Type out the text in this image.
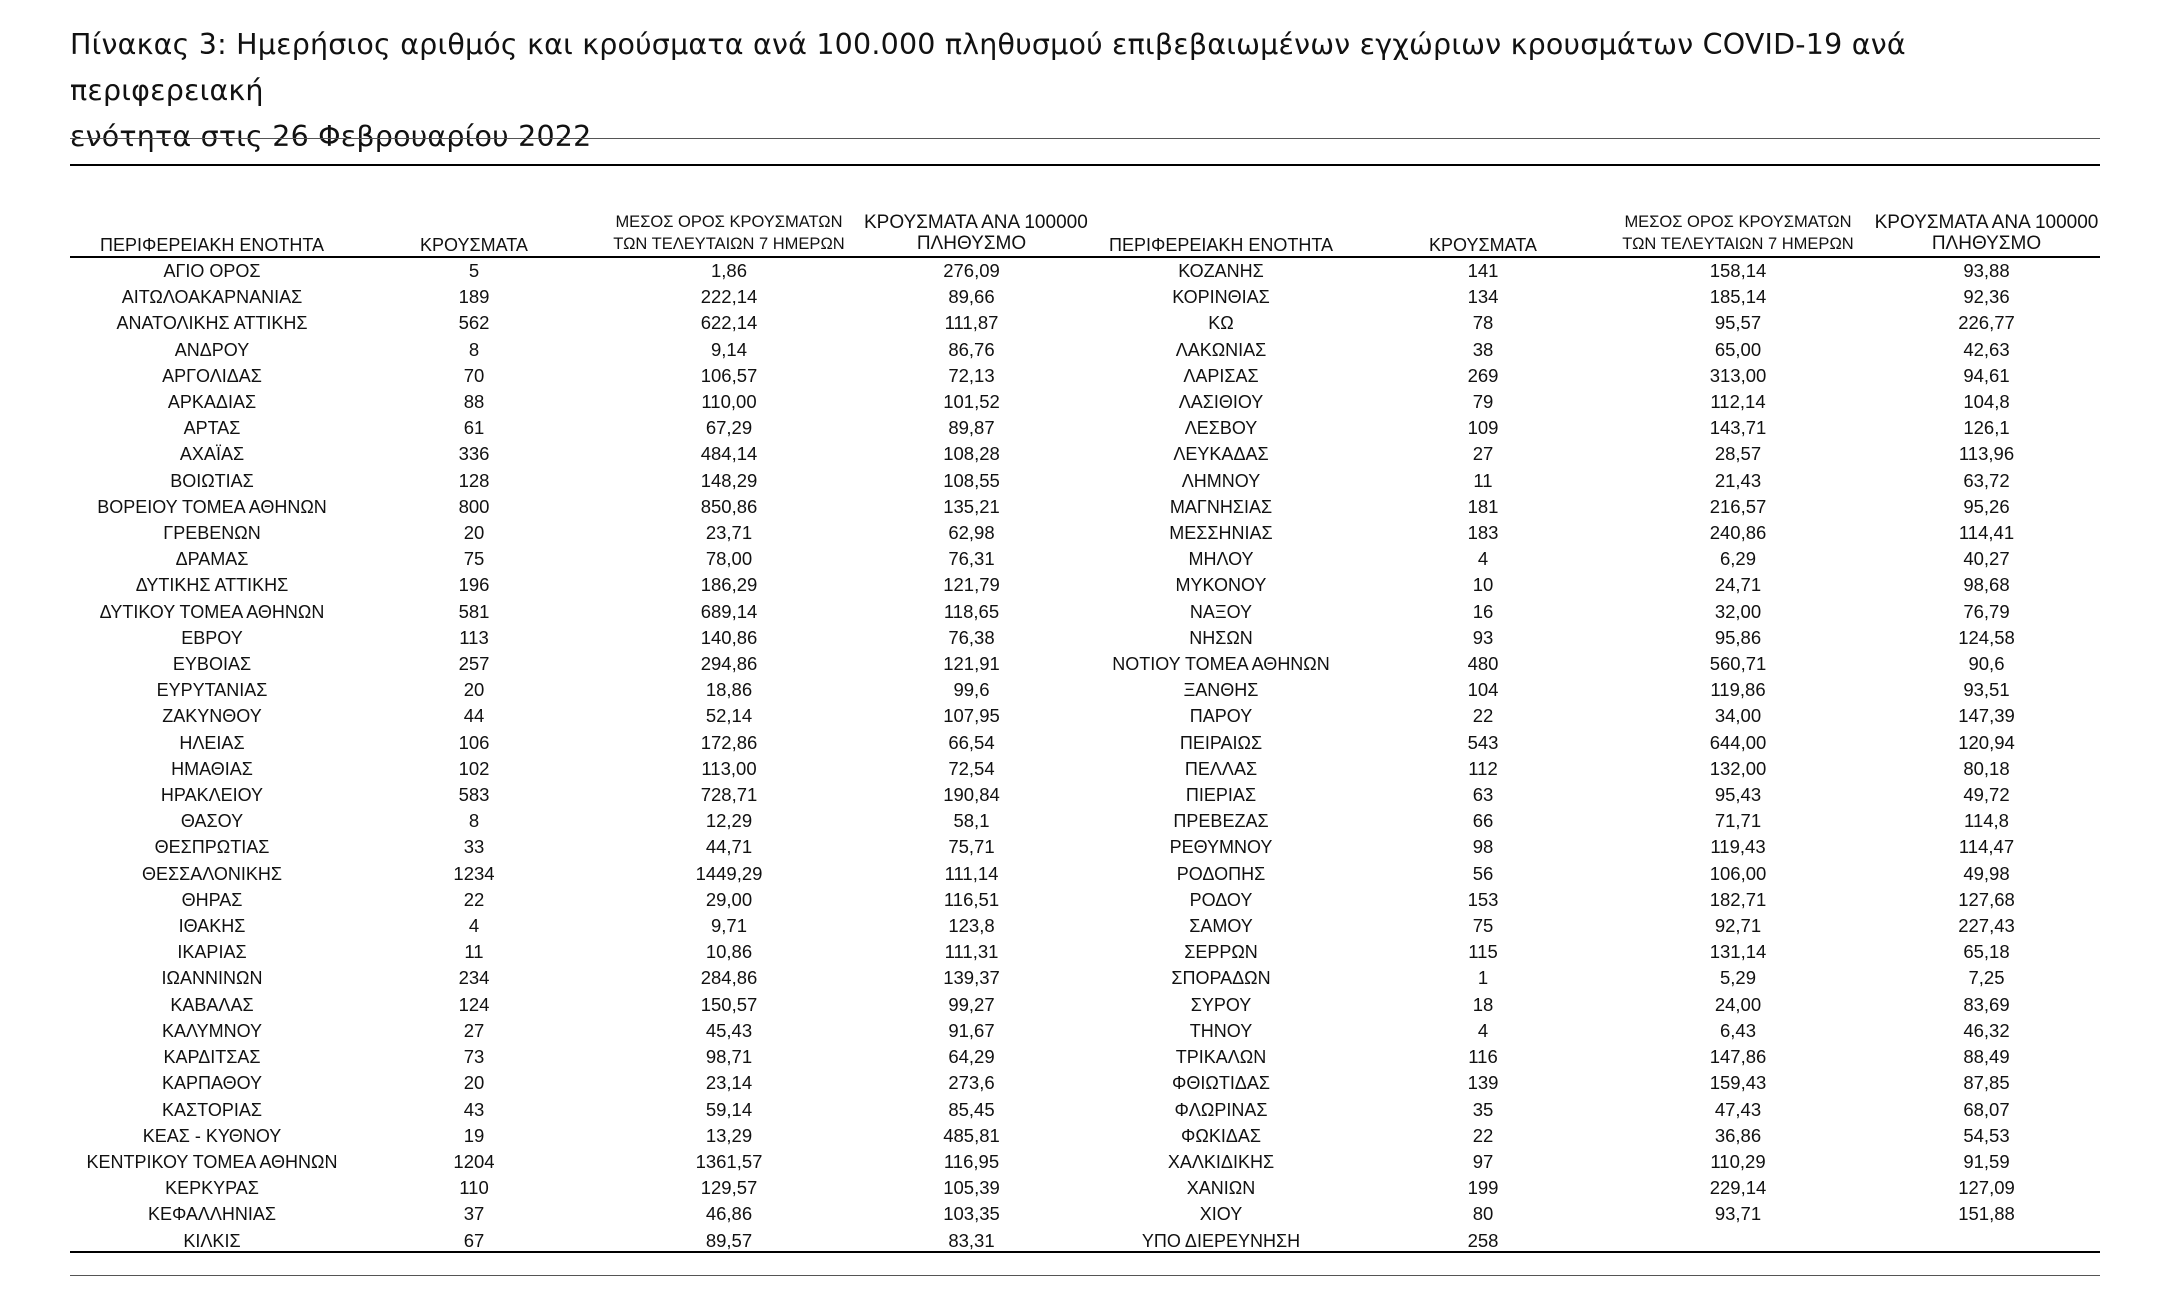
Πίνακας 3: Ημερήσιος αριθμός και κρούσματα ανά 100.000 πληθυσμού επιβεβαιωμένων εγχώριων κρουσμάτων COVID-19 ανά περιφερειακή
ενότητα στις 26 Φεβρουαρίου 2022
ΠΕΡΙΦΕΡΕΙΑΚΗ ΕΝΟΤΗΤΑ	ΚΡΟΥΣΜΑΤΑ
ΜΕΣΟΣ ΟΡΟΣ ΚΡΟΥΣΜΑΤΩΝ
ΤΩΝ ΤΕΛΕΥΤΑΙΩΝ 7 ΗΜΕΡΩΝ
ΚΡΟΥΣΜΑΤΑ ΑΝΑ 100000
ΠΛΗΘΥΣΜΟ	ΠΕΡΙΦΕΡΕΙΑΚΗ ΕΝΟΤΗΤΑ	ΚΡΟΥΣΜΑΤΑ
ΜΕΣΟΣ ΟΡΟΣ ΚΡΟΥΣΜΑΤΩΝ
ΤΩΝ ΤΕΛΕΥΤΑΙΩΝ 7 ΗΜΕΡΩΝ
ΚΡΟΥΣΜΑΤΑ ΑΝΑ 100000
ΠΛΗΘΥΣΜΟ
ΑΓΙΟ ΟΡΟΣ	5	1,86	276,09	ΚΟΖΑΝΗΣ	141	158,14	93,88
ΑΙΤΩΛΟΑΚΑΡΝΑΝΙΑΣ	189	222,14	89,66	ΚΟΡΙΝΘΙΑΣ	134	185,14	92,36
ΑΝΑΤΟΛΙΚΗΣ ΑΤΤΙΚΗΣ	562	622,14	111,87	ΚΩ	78	95,57	226,77
ΑΝΔΡΟΥ	8	9,14	86,76	ΛΑΚΩΝΙΑΣ	38	65,00	42,63
ΑΡΓΟΛΙΔΑΣ	70	106,57	72,13	ΛΑΡΙΣΑΣ	269	313,00	94,61
ΑΡΚΑΔΙΑΣ	88	110,00	101,52	ΛΑΣΙΘΙΟΥ	79	112,14	104,8
ΑΡΤΑΣ	61	67,29	89,87	ΛΕΣΒΟΥ	109	143,71	126,1
ΑΧΑΪΑΣ	336	484,14	108,28	ΛΕΥΚΑΔΑΣ	27	28,57	113,96
ΒΟΙΩΤΙΑΣ	128	148,29	108,55	ΛΗΜΝΟΥ	11	21,43	63,72
ΒΟΡΕΙΟΥ ΤΟΜΕΑ ΑΘΗΝΩΝ	800	850,86	135,21	ΜΑΓΝΗΣΙΑΣ	181	216,57	95,26
ΓΡΕΒΕΝΩΝ	20	23,71	62,98	ΜΕΣΣΗΝΙΑΣ	183	240,86	114,41
ΔΡΑΜΑΣ	75	78,00	76,31	ΜΗΛΟΥ	4	6,29	40,27
ΔΥΤΙΚΗΣ ΑΤΤΙΚΗΣ	196	186,29	121,79	ΜΥΚΟΝΟΥ	10	24,71	98,68
ΔΥΤΙΚΟΥ ΤΟΜΕΑ ΑΘΗΝΩΝ	581	689,14	118,65	ΝΑΞΟΥ	16	32,00	76,79
ΕΒΡΟΥ	113	140,86	76,38	ΝΗΣΩΝ	93	95,86	124,58
ΕΥΒΟΙΑΣ	257	294,86	121,91	ΝΟΤΙΟΥ ΤΟΜΕΑ ΑΘΗΝΩΝ	480	560,71	90,6
ΕΥΡΥΤΑΝΙΑΣ	20	18,86	99,6	ΞΑΝΘΗΣ	104	119,86	93,51
ΖΑΚΥΝΘΟΥ	44	52,14	107,95	ΠΑΡΟΥ	22	34,00	147,39
ΗΛΕΙΑΣ	106	172,86	66,54	ΠΕΙΡΑΙΩΣ	543	644,00	120,94
ΗΜΑΘΙΑΣ	102	113,00	72,54	ΠΕΛΛΑΣ	112	132,00	80,18
ΗΡΑΚΛΕΙΟΥ	583	728,71	190,84	ΠΙΕΡΙΑΣ	63	95,43	49,72
ΘΑΣΟΥ	8	12,29	58,1	ΠΡΕΒΕΖΑΣ	66	71,71	114,8
ΘΕΣΠΡΩΤΙΑΣ	33	44,71	75,71	ΡΕΘΥΜΝΟΥ	98	119,43	114,47
ΘΕΣΣΑΛΟΝΙΚΗΣ	1234	1449,29	111,14	ΡΟΔΟΠΗΣ	56	106,00	49,98
ΘΗΡΑΣ	22	29,00	116,51	ΡΟΔΟΥ	153	182,71	127,68
ΙΘΑΚΗΣ	4	9,71	123,8	ΣΑΜΟΥ	75	92,71	227,43
ΙΚΑΡΙΑΣ	11	10,86	111,31	ΣΕΡΡΩΝ	115	131,14	65,18
ΙΩΑΝΝΙΝΩΝ	234	284,86	139,37	ΣΠΟΡΑΔΩΝ	1	5,29	7,25
ΚΑΒΑΛΑΣ	124	150,57	99,27	ΣΥΡΟΥ	18	24,00	83,69
ΚΑΛΥΜΝΟΥ	27	45,43	91,67	ΤΗΝΟΥ	4	6,43	46,32
ΚΑΡΔΙΤΣΑΣ	73	98,71	64,29	ΤΡΙΚΑΛΩΝ	116	147,86	88,49
ΚΑΡΠΑΘΟΥ	20	23,14	273,6	ΦΘΙΩΤΙΔΑΣ	139	159,43	87,85
ΚΑΣΤΟΡΙΑΣ	43	59,14	85,45	ΦΛΩΡΙΝΑΣ	35	47,43	68,07
ΚΕΑΣ - ΚΥΘΝΟΥ	19	13,29	485,81	ΦΩΚΙΔΑΣ	22	36,86	54,53
ΚΕΝΤΡΙΚΟΥ ΤΟΜΕΑ ΑΘΗΝΩΝ	1204	1361,57	116,95	ΧΑΛΚΙΔΙΚΗΣ	97	110,29	91,59
ΚΕΡΚΥΡΑΣ	110	129,57	105,39	ΧΑΝΙΩΝ	199	229,14	127,09
ΚΕΦΑΛΛΗΝΙΑΣ	37	46,86	103,35	ΧΙΟΥ	80	93,71	151,88
ΚΙΛΚΙΣ	67	89,57	83,31	ΥΠΟ ΔΙΕΡΕΥΝΗΣΗ	258		
